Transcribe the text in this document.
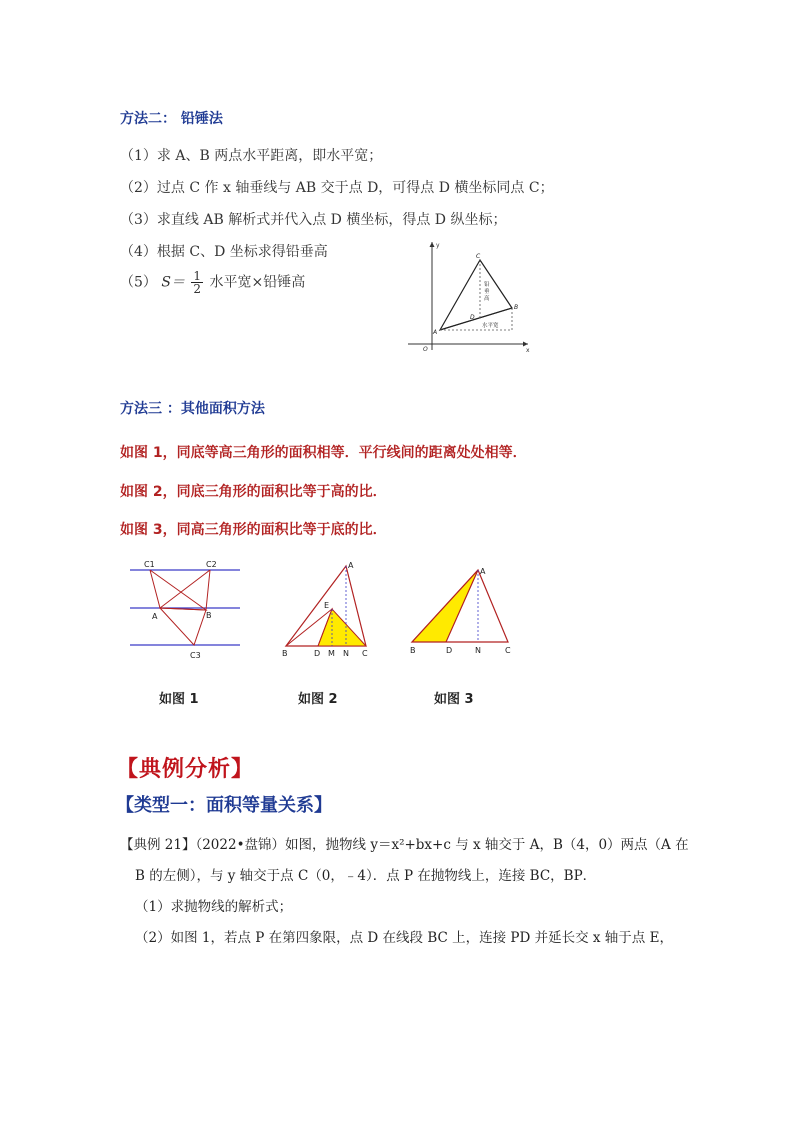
方法二： 铅锤法
（1）求 A、B 两点水平距离，即水平宽；
（2）过点 C 作 x 轴垂线与 AB 交于点 D，可得点 D 横坐标同点 C；
（3）求直线 AB 解析式并代入点 D 横坐标，得点 D 纵坐标；
（4）根据 C、D 坐标求得铅垂高
（5） $S= \frac{1}{2}$ 水平宽×铅锤高
y
x
O
A
B
C
D
铅垂高
水平宽
方法三 ：其他面积方法
如图 1，同底等高三角形的面积相等．平行线间的距离处处相等．
如图 2，同底三角形的面积比等于高的比．
如图 3，同高三角形的面积比等于底的比．
C1	C2
C3
A	B
如图 1
A
E
B	D M N C
如图 2
A
B	D	N	C
如图 3
【典例分析】
【类型一：面积等量关系】
【典例 21】（2022•盘锦）如图，抛物线 y＝x²+bx+c 与 x 轴交于 A，B（4，0）两点（A 在
B 的左侧），与 y 轴交于点 C（0，﹣4）．点 P 在抛物线上，连接 BC，BP．
（1）求抛物线的解析式；
（2）如图 1，若点 P 在第四象限，点 D 在线段 BC 上，连接 PD 并延长交 x 轴于点 E，
